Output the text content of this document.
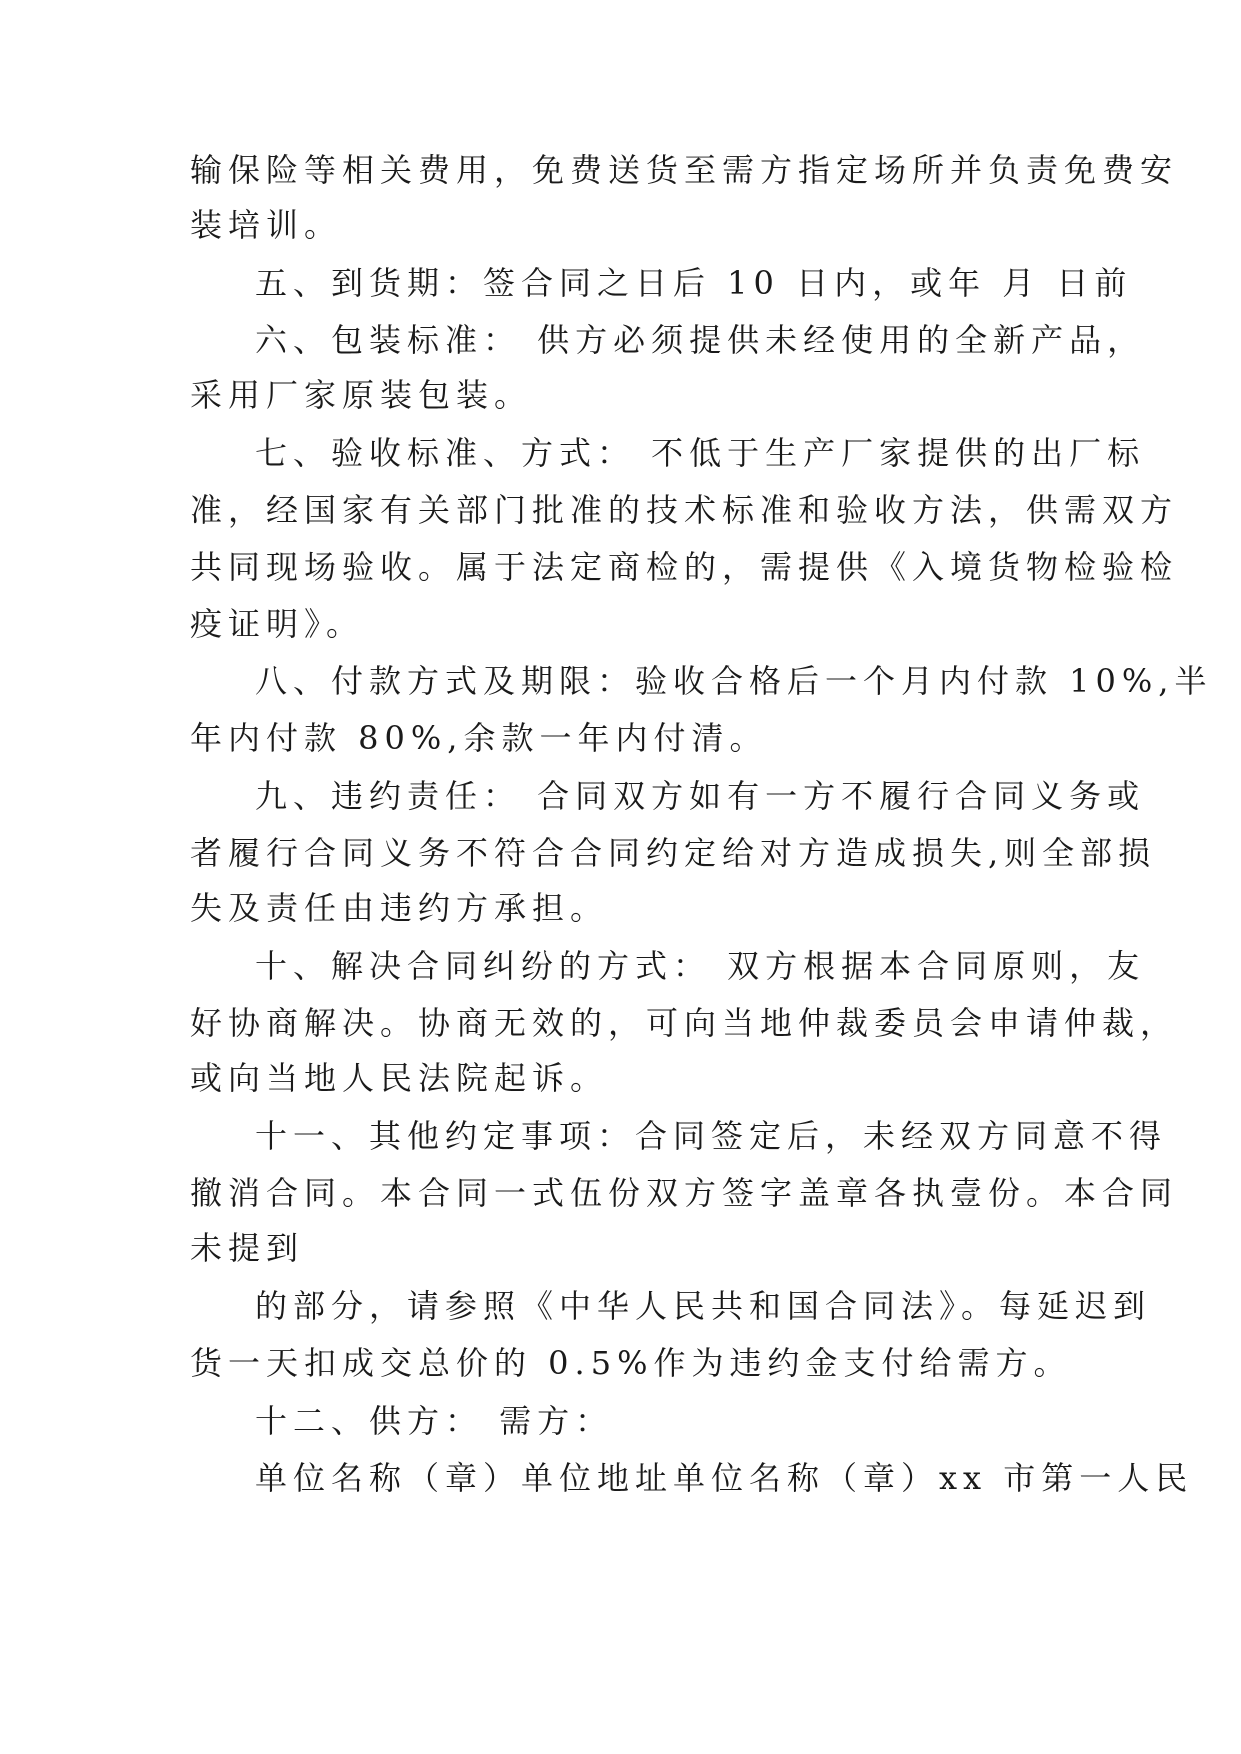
输保险等相关费用，免费送货至需方指定场所并负责免费安
装培训。
五、到货期：签合同之日后 10 日内，或年 月 日前
六、包装标准： 供方必须提供未经使用的全新产品，
采用厂家原装包装。
七、验收标准、方式： 不低于生产厂家提供的出厂标
准，经国家有关部门批准的技术标准和验收方法，供需双方
共同现场验收。属于法定商检的，需提供《入境货物检验检
疫证明》。
八、付款方式及期限：验收合格后一个月内付款 10%,半
年内付款 80%,余款一年内付清。
九、违约责任： 合同双方如有一方不履行合同义务或
者履行合同义务不符合合同约定给对方造成损失,则全部损
失及责任由违约方承担。
十、解决合同纠纷的方式： 双方根据本合同原则，友
好协商解决。协商无效的，可向当地仲裁委员会申请仲裁，
或向当地人民法院起诉。
十一、其他约定事项：合同签定后，未经双方同意不得
撤消合同。本合同一式伍份双方签字盖章各执壹份。本合同
未提到
的部分，请参照《中华人民共和国合同法》。每延迟到
货一天扣成交总价的 0.5%作为违约金支付给需方。
十二、供方： 需方：
单位名称（章）单位地址单位名称（章）xx 市第一人民
